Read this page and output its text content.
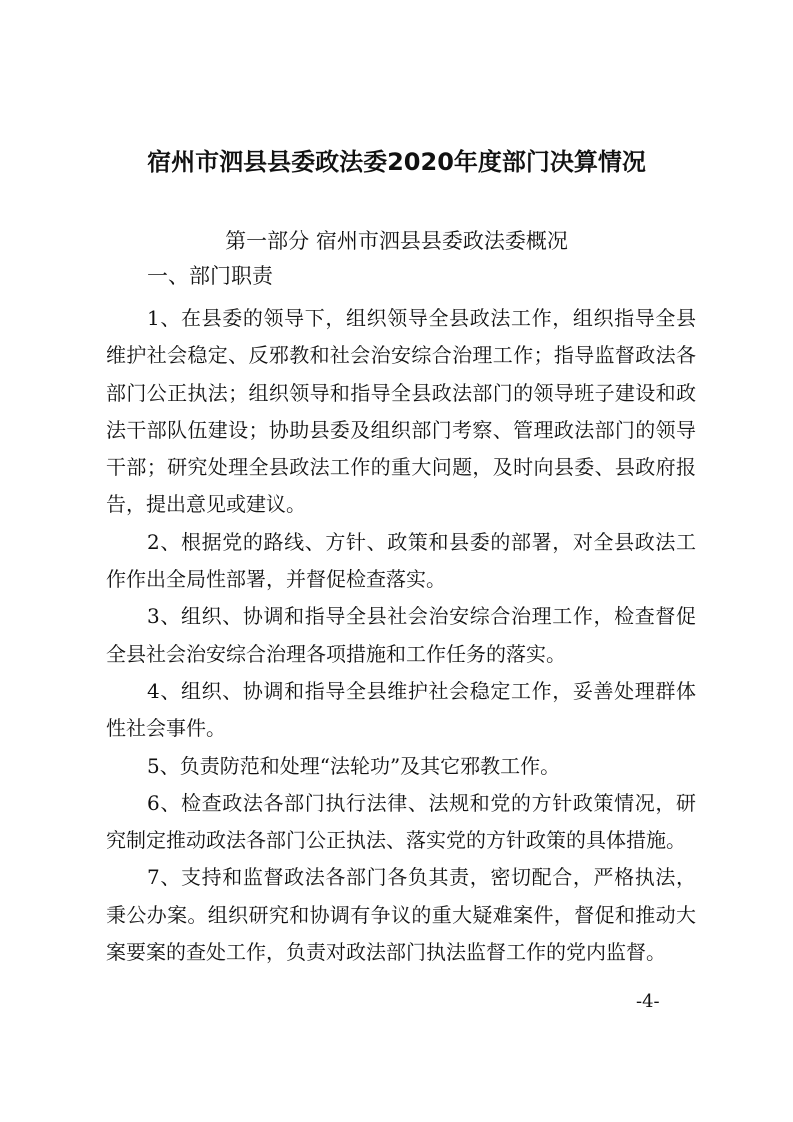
宿州市泗县县委政法委2020年度部门决算情况
第一部分 宿州市泗县县委政法委概况
一、部门职责

1、在县委的领导下，组织领导全县政法工作，组织指导全县维护社会稳定、反邪教和社会治安综合治理工作；指导监督政法各部门公正执法；组织领导和指导全县政法部门的领导班子建设和政法干部队伍建设；协助县委及组织部门考察、管理政法部门的领导干部；研究处理全县政法工作的重大问题，及时向县委、县政府报告，提出意见或建议。

2、根据党的路线、方针、政策和县委的部署，对全县政法工作作出全局性部署，并督促检查落实。

3、组织、协调和指导全县社会治安综合治理工作，检查督促全县社会治安综合治理各项措施和工作任务的落实。

4、组织、协调和指导全县维护社会稳定工作，妥善处理群体性社会事件。

5、负责防范和处理“法轮功”及其它邪教工作。

6、检查政法各部门执行法律、法规和党的方针政策情况，研究制定推动政法各部门公正执法、落实党的方针政策的具体措施。

7、支持和监督政法各部门各负其责，密切配合，严格执法，秉公办案。组织研究和协调有争议的重大疑难案件，督促和推动大案要案的查处工作，负责对政法部门执法监督工作的党内监督。

-4-
